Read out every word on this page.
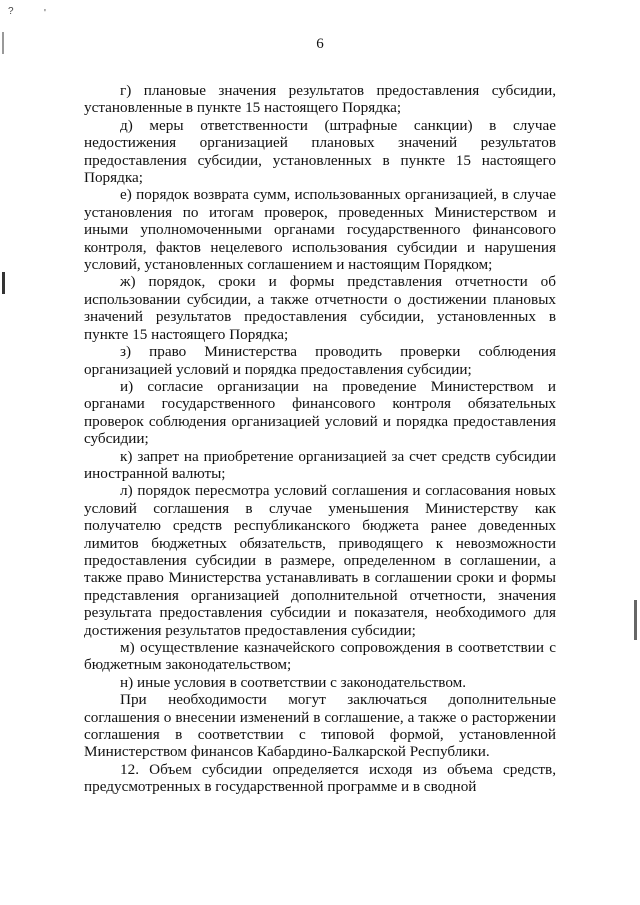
?	'
6

г) плановые значения результатов предоставления субсидии, установленные в пункте 15 настоящего Порядка;

д) меры ответственности (штрафные санкции) в случае недостижения организацией плановых значений результатов предоставления субсидии, установленных в пункте 15 настоящего Порядка;

е) порядок возврата сумм, использованных организацией, в случае установления по итогам проверок, проведенных Министерством и иными уполномоченными органами государственного финансового контроля, фактов нецелевого использования субсидии и нарушения условий, установленных соглашением и настоящим Порядком;

ж) порядок, сроки и формы представления отчетности об использовании субсидии, а также отчетности о достижении плановых значений результатов предоставления субсидии, установленных в пункте 15 настоящего Порядка;

з) право Министерства проводить проверки соблюдения организацией условий и порядка предоставления субсидии;

и) согласие организации на проведение Министерством и органами государственного финансового контроля обязательных проверок соблюдения организацией условий и порядка предоставления субсидии;

к) запрет на приобретение организацией за счет средств субсидии иностранной валюты;

л) порядок пересмотра условий соглашения и согласования новых условий соглашения в случае уменьшения Министерству как получателю средств республиканского бюджета ранее доведенных лимитов бюджетных обязательств, приводящего к невозможности предоставления субсидии в размере, определенном в соглашении, а также право Министерства устанавливать в соглашении сроки и формы представления организацией дополнительной отчетности, значения результата предоставления субсидии и показателя, необходимого для достижения результатов предоставления субсидии;

м) осуществление казначейского сопровождения в соответствии с бюджетным законодательством;

н) иные условия в соответствии с законодательством.

При необходимости могут заключаться дополнительные соглашения о внесении изменений в соглашение, а также о расторжении соглашения в соответствии с типовой формой, установленной Министерством финансов Кабардино-Балкарской Республики.

12. Объем субсидии определяется исходя из объема средств, предусмотренных в государственной программе и в сводной
